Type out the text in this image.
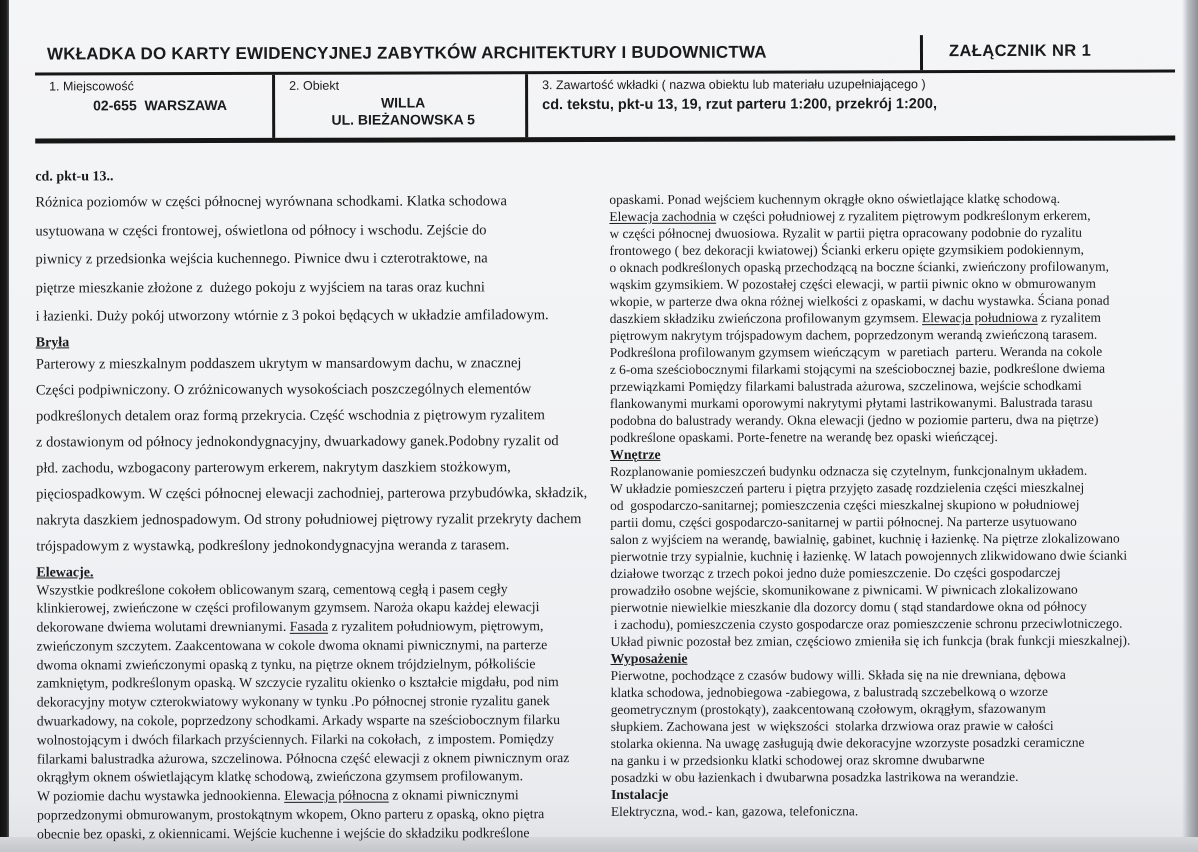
WKŁADKA DO KARTY EWIDENCYJNEJ ZABYTKÓW ARCHITEKTURY I BUDOWNICTWA	ZAŁĄCZNIK NR 1
1. Miejscowość
02-655  WARSZAWA
2. Obiekt
WILLA
UL. BIEŻANOWSKA 5
3. Zawartość wkładki ( nazwa obiektu lub materiału uzupełniającego )
cd. tekstu, pkt-u 13, 19, rzut parteru 1:200, przekrój 1:200,
cd. pkt-u 13..
Różnica poziomów w części północnej wyrównana schodkami. Klatka schodowa
usytuowana w części frontowej, oświetlona od północy i wschodu. Zejście do
piwnicy z przedsionka wejścia kuchennego. Piwnice dwu i czterotraktowe, na
piętrze mieszkanie złożone z  dużego pokoju z wyjściem na taras oraz kuchni
i łazienki. Duży pokój utworzony wtórnie z 3 pokoi będących w układzie amfiladowym.
Bryła
Parterowy z mieszkalnym poddaszem ukrytym w mansardowym dachu, w znacznej
Części podpiwniczony. O zróżnicowanych wysokościach poszczególnych elementów
podkreślonych detalem oraz formą przekrycia. Część wschodnia z piętrowym ryzalitem
z dostawionym od północy jednokondygnacyjny, dwuarkadowy ganek.Podobny ryzalit od
płd. zachodu, wzbogacony parterowym erkerem, nakrytym daszkiem stożkowym,
pięciospadkowym. W części północnej elewacji zachodniej, parterowa przybudówka, składzik,
nakryta daszkiem jednospadowym. Od strony południowej piętrowy ryzalit przekryty dachem
trójspadowym z wystawką, podkreślony jednokondygnacyjna weranda z tarasem.
Elewacje.
Wszystkie podkreślone cokołem oblicowanym szarą, cementową cegłą i pasem cegły
klinkierowej, zwieńczone w części profilowanym gzymsem. Naroża okapu każdej elewacji
dekorowane dwiema wolutami drewnianymi. Fasada z ryzalitem południowym, piętrowym,
zwieńczonym szczytem. Zaakcentowana w cokole dwoma oknami piwnicznymi, na parterze
dwoma oknami zwieńczonymi opaską z tynku, na piętrze oknem trójdzielnym, półkoliście
zamkniętym, podkreślonym opaską. W szczycie ryzalitu okienko o kształcie migdału, pod nim
dekoracyjny motyw czterokwiatowy wykonany w tynku .Po północnej stronie ryzalitu ganek
dwuarkadowy, na cokole, poprzedzony schodkami. Arkady wsparte na sześciobocznym filarku
wolnostojącym i dwóch filarkach przyściennych. Filarki na cokołach,  z impostem. Pomiędzy
filarkami balustradka ażurowa, szczelinowa. Północna część elewacji z oknem piwnicznym oraz
okrągłym oknem oświetlającym klatkę schodową, zwieńczona gzymsem profilowanym.
W poziomie dachu wystawka jednookienna. Elewacja północna z oknami piwnicznymi
poprzedzonymi obmurowanym, prostokątnym wkopem, Okno parteru z opaską, okno piętra
obecnie bez opaski, z okiennicami. Wejście kuchenne i wejście do składziku podkreślone
opaskami. Ponad wejściem kuchennym okrągłe okno oświetlające klatkę schodową.
Elewacja zachodnia w części południowej z ryzalitem piętrowym podkreślonym erkerem,
w części północnej dwuosiowa. Ryzalit w partii piętra opracowany podobnie do ryzalitu
frontowego ( bez dekoracji kwiatowej) Ścianki erkeru opięte gzymsikiem podokiennym,
o oknach podkreślonych opaską przechodzącą na boczne ścianki, zwieńczony profilowanym,
wąskim gzymsikiem. W pozostałej części elewacji, w partii piwnic okno w obmurowanym
wkopie, w parterze dwa okna różnej wielkości z opaskami, w dachu wystawka. Ściana ponad
daszkiem składziku zwieńczona profilowanym gzymsem. Elewacja południowa z ryzalitem
piętrowym nakrytym trójspadowym dachem, poprzedzonym werandą zwieńczoną tarasem.
Podkreślona profilowanym gzymsem wieńczącym  w paretiach  parteru. Weranda na cokole
z 6-oma sześciobocznymi filarkami stojącymi na sześciobocznej bazie, podkreślone dwiema
przewiązkami Pomiędzy filarkami balustrada ażurowa, szczelinowa, wejście schodkami
flankowanymi murkami oporowymi nakrytymi płytami lastrikowanymi. Balustrada tarasu
podobna do balustrady werandy. Okna elewacji (jedno w poziomie parteru, dwa na piętrze)
podkreślone opaskami. Porte-fenetre na werandę bez opaski wieńczącej.
Wnętrze
Rozplanowanie pomieszczeń budynku odznacza się czytelnym, funkcjonalnym układem.
W układzie pomieszczeń parteru i piętra przyjęto zasadę rozdzielenia części mieszkalnej
od  gospodarczo-sanitarnej; pomieszczenia części mieszkalnej skupiono w południowej
partii domu, części gospodarczo-sanitarnej w partii północnej. Na parterze usytuowano
salon z wyjściem na werandę, bawialnię, gabinet, kuchnię i łazienkę. Na piętrze zlokalizowano
pierwotnie trzy sypialnie, kuchnię i łazienkę. W latach powojennych zlikwidowano dwie ścianki
działowe tworząc z trzech pokoi jedno duże pomieszczenie. Do części gospodarczej
prowadziło osobne wejście, skomunikowane z piwnicami. W piwnicach zlokalizowano
pierwotnie niewielkie mieszkanie dla dozorcy domu ( stąd standardowe okna od północy
i zachodu), pomieszczenia czysto gospodarcze oraz pomieszczenie schronu przeciwlotniczego.
Układ piwnic pozostał bez zmian, częściowo zmieniła się ich funkcja (brak funkcji mieszkalnej).
Wyposażenie
Pierwotne, pochodzące z czasów budowy willi. Składa się na nie drewniana, dębowa
klatka schodowa, jednobiegowa -zabiegowa, z balustradą szczebelkową o wzorze
geometrycznym (prostokąty), zaakcentowaną czołowym, okrągłym, sfazowanym
słupkiem. Zachowana jest  w większości  stolarka drzwiowa oraz prawie w całości
stolarka okienna. Na uwagę zasługują dwie dekoracyjne wzorzyste posadzki ceramiczne
na ganku i w przedsionku klatki schodowej oraz skromne dwubarwne
posadzki w obu łazienkach i dwubarwna posadzka lastrikowa na werandzie.
Instalacje
Elektryczna, wod.- kan, gazowa, telefoniczna.
